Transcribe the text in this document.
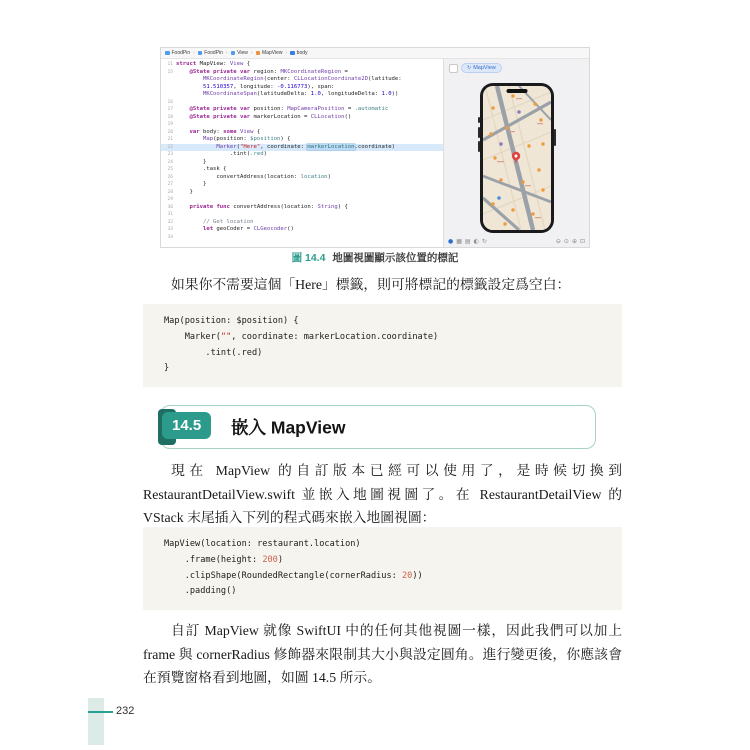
FoodPin › FoodPin › View › MapView › body
11 struct MapView: View {
15	@State private var region: MKCoordinateRegion =
MKCoordinateRegion(center: CLLocationCoordinate2D(latitude:
51.510357, longitude: -0.116773), span:
MKCoordinateSpan(latitudeDelta: 1.0, longitudeDelta: 1.0))
16
17	@State private var position: MapCameraPosition = .automatic
18	@State private var markerLocation = CLLocation()
19
20	var body: some View {
21	Map(position: $position) {
22	Marker("Here", coordinate: markerLocation.coordinate)
23 .tint(.red)
24 }
25 .task {
26 convertAddress(location: location)
27 }
28 }
29
30	private func convertAddress(location: String) {
31
32	// Get location
33	let geoCoder = CLGeocoder()
34
↻ MapView
● ▦ ▤ ◐ ↻	⊖ ⊙ ⊕ ⊡
圖 14.4 地圖視圖顯示該位置的標記
如果你不需要這個「Here」標籤，則可將標記的標籤設定爲空白：
Map(position: $position) {
Marker("", coordinate: markerLocation.coordinate)
.tint(.red)
}
14.5	嵌入 MapView
現在 MapView 的自訂版本已經可以使用了，是時候切換到 RestaurantDetailView.swift 並嵌入地圖視圖了。在 RestaurantDetailView 的 VStack 末尾插入下列的程式碼來嵌入地圖視圖：
MapView(location: restaurant.location)
.frame(height: 200)
.clipShape(RoundedRectangle(cornerRadius: 20))
.padding()
自訂 MapView 就像 SwiftUI 中的任何其他視圖一樣，因此我們可以加上 frame 與 cornerRadius 修飾器來限制其大小與設定圓角。進行變更後，你應該會在預覽窗格看到地圖，如圖 14.5 所示。
232
